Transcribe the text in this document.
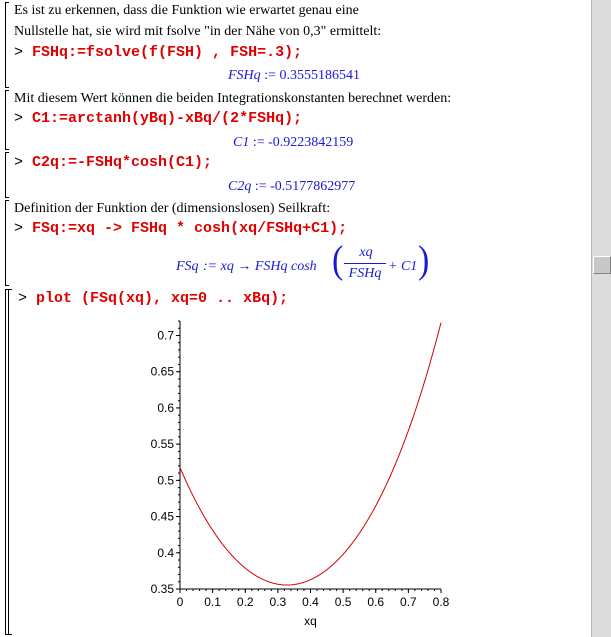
Es ist zu erkennen, dass die Funktion wie erwartet genau eine
Nullstelle hat, sie wird mit fsolve "in der Nähe von 0,3" ermittelt:
> FSHq:=fsolve(f(FSH) , FSH=.3);
FSHq := 0.3555186541
Mit diesem Wert können die beiden Integrationskonstanten berechnet werden:
> C1:=arctanh(yBq)-xBq/(2*FSHq);
C1 := -0.9223842159
> C2q:=-FSHq*cosh(C1);
C2q := -0.5177862977
Definition der Funktion der (dimensionslosen) Seilkraft:
> FSq:=xq -> FSHq * cosh(xq/FSHq+C1);
FSq := xq → FSHq cosh (	xq
FSHq + C1 )
> plot (FSq(xq), xq=0 .. xBq);
0.35
0.4
0.45
0.5
0.55
0.6
0.65
0.7
0 0.1 0.2 0.3 0.4 0.5 0.6 0.7 0.8
xq
